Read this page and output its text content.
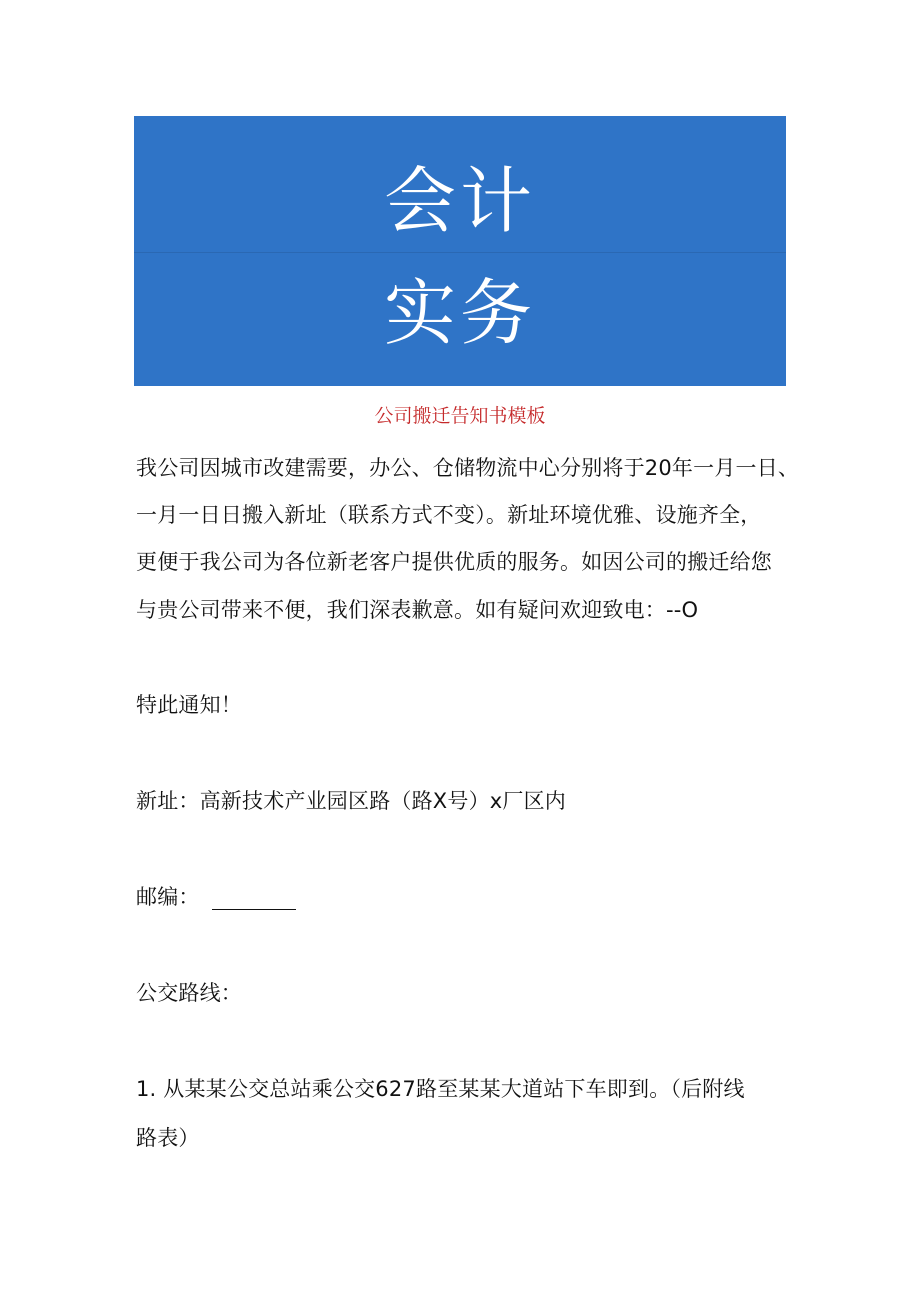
会计
实务
公司搬迁告知书模板
我公司因城市改建需要，办公、仓储物流中心分别将于20年一月一日、
一月一日日搬入新址（联系方式不变）。新址环境优雅、设施齐全，
更便于我公司为各位新老客户提供优质的服务。如因公司的搬迁给您
与贵公司带来不便，我们深表歉意。如有疑问欢迎致电：--O
特此通知！
新址：高新技术产业园区路（路X号）x厂区内
邮编：
公交路线：
1. 从某某公交总站乘公交627路至某某大道站下车即到。（后附线
路表）
